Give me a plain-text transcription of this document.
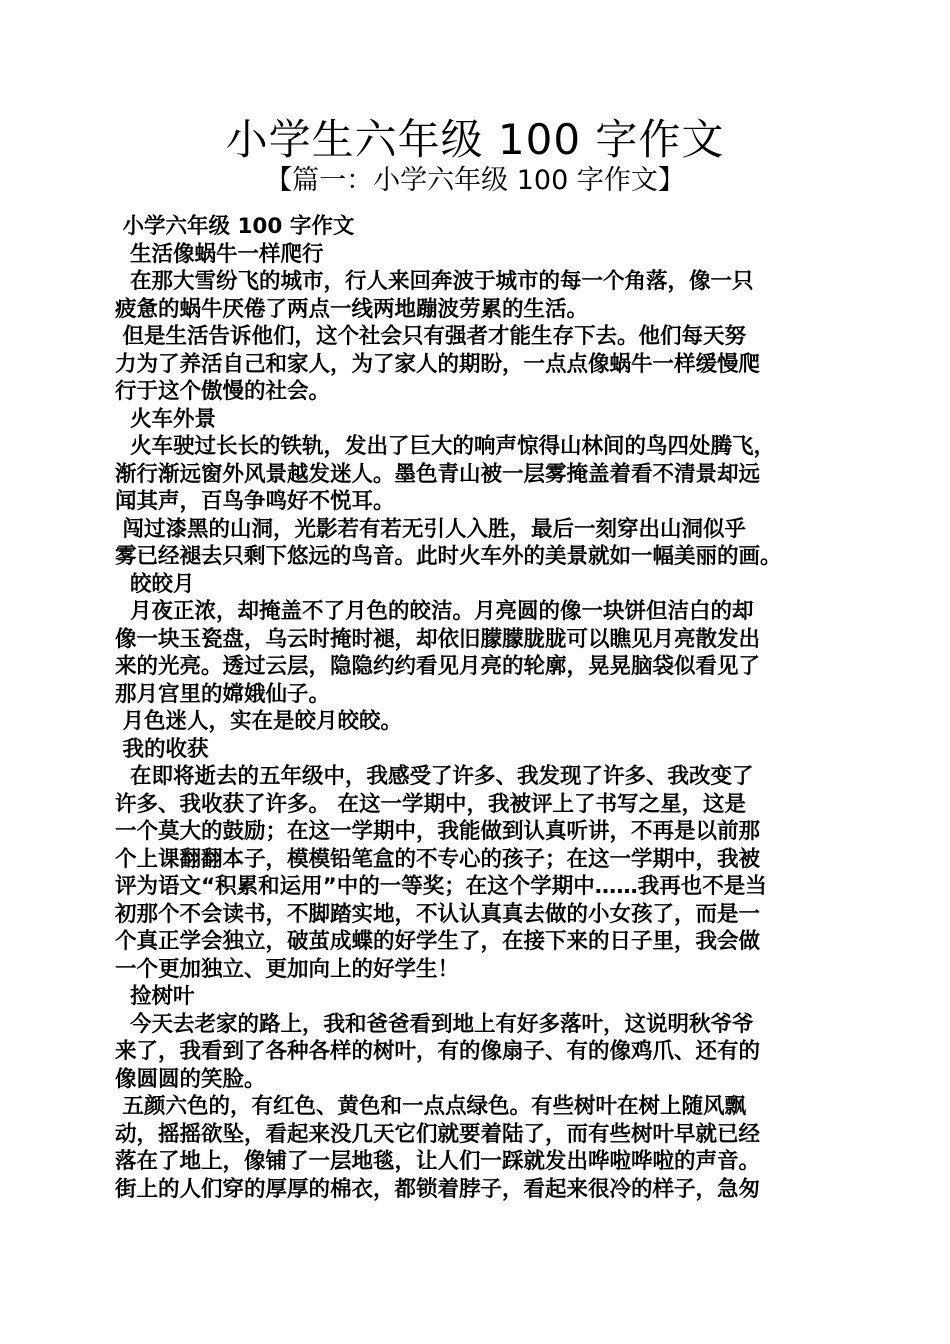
小学生六年级 100 字作文
【篇一：小学六年级 100 字作文】
小学六年级 100 字作文
生活像蜗牛一样爬行
在那大雪纷飞的城市，行人来回奔波于城市的每一个角落，像一只
疲惫的蜗牛厌倦了两点一线两地蹦波劳累的生活。
但是生活告诉他们，这个社会只有强者才能生存下去。他们每天努
力为了养活自己和家人，为了家人的期盼，一点点像蜗牛一样缓慢爬
行于这个傲慢的社会。
火车外景
火车驶过长长的铁轨，发出了巨大的响声惊得山林间的鸟四处腾飞，
渐行渐远窗外风景越发迷人。墨色青山被一层雾掩盖着看不清景却远
闻其声，百鸟争鸣好不悦耳。
闯过漆黑的山洞，光影若有若无引人入胜，最后一刻穿出山洞似乎
雾已经褪去只剩下悠远的鸟音。此时火车外的美景就如一幅美丽的画。
皎皎月
月夜正浓，却掩盖不了月色的皎洁。月亮圆的像一块饼但洁白的却
像一块玉瓷盘，乌云时掩时褪，却依旧朦朦胧胧可以瞧见月亮散发出
来的光亮。透过云层，隐隐约约看见月亮的轮廓，晃晃脑袋似看见了
那月宫里的嫦娥仙子。
月色迷人，实在是皎月皎皎。
我的收获
在即将逝去的五年级中，我感受了许多、我发现了许多、我改变了
许多、我收获了许多。 在这一学期中，我被评上了书写之星，这是
一个莫大的鼓励；在这一学期中，我能做到认真听讲，不再是以前那
个上课翻翻本子，模模铅笔盒的不专心的孩子；在这一学期中，我被
评为语文“积累和运用”中的一等奖；在这个学期中……我再也不是当
初那个不会读书，不脚踏实地，不认认真真去做的小女孩了，而是一
个真正学会独立，破茧成蝶的好学生了，在接下来的日子里，我会做
一个更加独立、更加向上的好学生！
捡树叶
今天去老家的路上，我和爸爸看到地上有好多落叶，这说明秋爷爷
来了，我看到了各种各样的树叶，有的像扇子、有的像鸡爪、还有的
像圆圆的笑脸。
五颜六色的，有红色、黄色和一点点绿色。有些树叶在树上随风飘
动，摇摇欲坠，看起来没几天它们就要着陆了，而有些树叶早就已经
落在了地上，像铺了一层地毯，让人们一踩就发出哗啦哗啦的声音。
街上的人们穿的厚厚的棉衣，都锁着脖子，看起来很冷的样子，急匆
